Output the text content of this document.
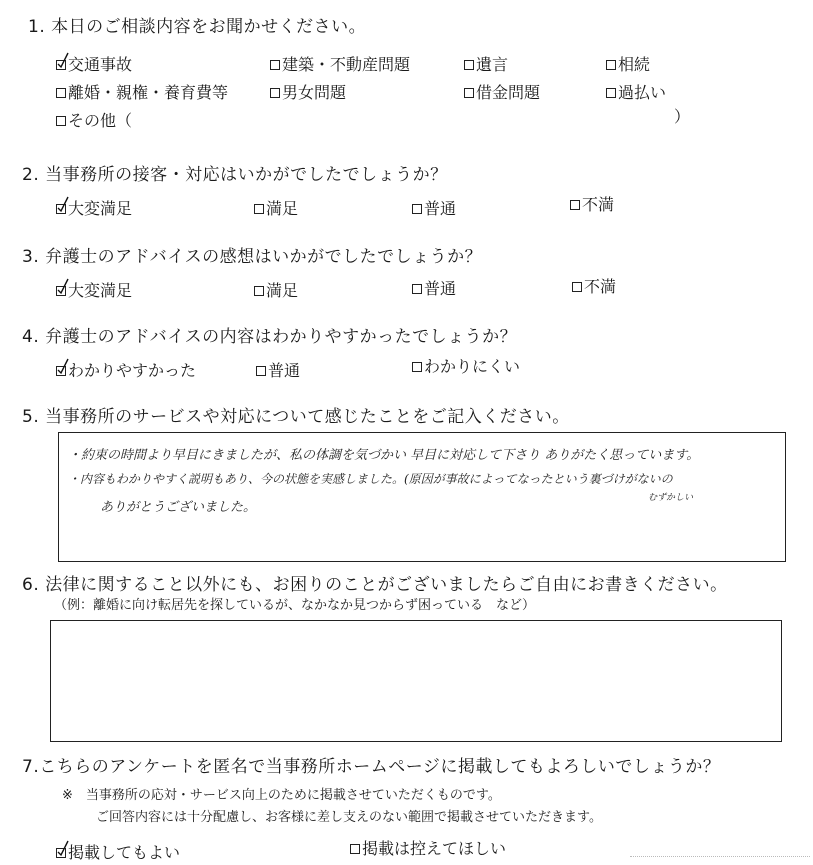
1. 本日のご相談内容をお聞かせください。
交通事故	建築・不動産問題	遺言	相続
離婚・親権・養育費等	男女問題	借金問題	過払い
その他（	）
2. 当事務所の接客・対応はいかがでしたでしょうか？
大変満足	満足	普通	不満
3. 弁護士のアドバイスの感想はいかがでしたでしょうか？
大変満足	満足	普通	不満
4. 弁護士のアドバイスの内容はわかりやすかったでしょうか？
わかりやすかった	普通	わかりにくい
5. 当事務所のサービスや対応について感じたことをご記入ください。
・約束の時間より早目にきましたが、私の体調を気づかい 早目に対応して下さり ありがたく思っています。
・内容もわかりやすく説明もあり、今の状態を実感しました。(原因が事故によってなったという裏づけがないの
ありがとうございました。
むずかしい
6. 法律に関すること以外にも、お困りのことがございましたらご自由にお書きください。
（例：離婚に向け転居先を探しているが、なかなか見つからず困っている　など）
7.こちらのアンケートを匿名で当事務所ホームページに掲載してもよろしいでしょうか？
※　当事務所の応対・サービス向上のために掲載させていただくものです。
ご回答内容には十分配慮し、お客様に差し支えのない範囲で掲載させていただきます。
掲載してもよい	掲載は控えてほしい
